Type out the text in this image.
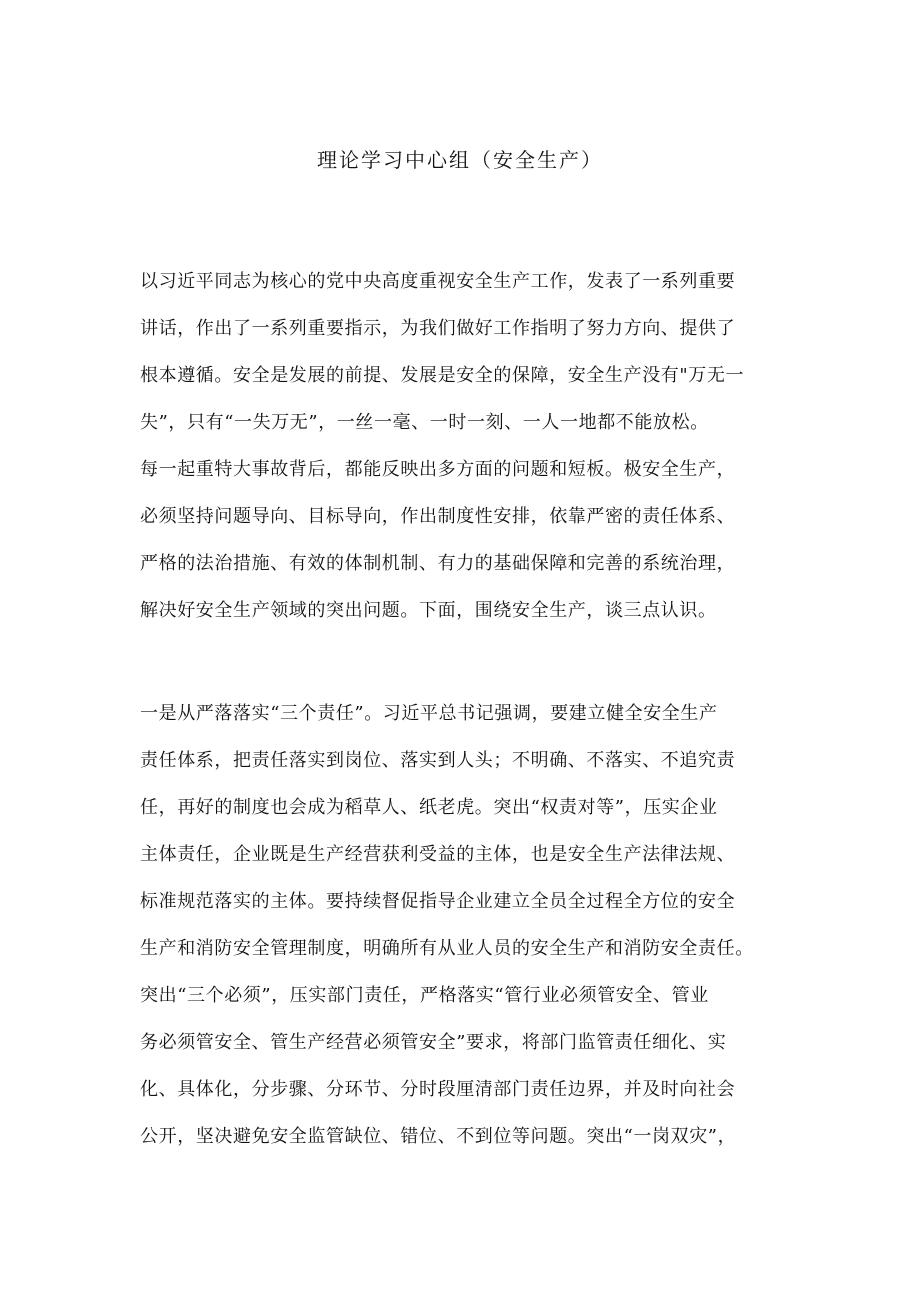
理论学习中心组（安全生产）
以习近平同志为核心的党中央高度重视安全生产工作，发表了一系列重要
讲话，作出了一系列重要指示，为我们做好工作指明了努力方向、提供了
根本遵循。安全是发展的前提、发展是安全的保障，安全生产没有"万无一
失”，只有“一失万无”，一丝一毫、一时一刻、一人一地都不能放松。
每一起重特大事故背后，都能反映出多方面的问题和短板。极安全生产，
必须坚持问题导向、目标导向，作出制度性安排，依靠严密的责任体系、
严格的法治措施、有效的体制机制、有力的基础保障和完善的系统治理，
解决好安全生产领域的突出问题。下面，围绕安全生产，谈三点认识。
一是从严落落实“三个责任”。习近平总书记强调，要建立健全安全生产
责任体系，把责任落实到岗位、落实到人头；不明确、不落实、不追究责
任，再好的制度也会成为稻草人、纸老虎。突出“权责对等”，压实企业
主体责任，企业既是生产经营获利受益的主体，也是安全生产法律法规、
标准规范落实的主体。要持续督促指导企业建立全员全过程全方位的安全
生产和消防安全管理制度，明确所有从业人员的安全生产和消防安全责任。
突出“三个必须”，压实部门责任，严格落实“管行业必须管安全、管业
务必须管安全、管生产经营必须管安全”要求，将部门监管责任细化、实
化、具体化，分步骤、分环节、分时段厘清部门责任边界，并及时向社会
公开，坚决避免安全监管缺位、错位、不到位等问题。突出“一岗双灾”，
